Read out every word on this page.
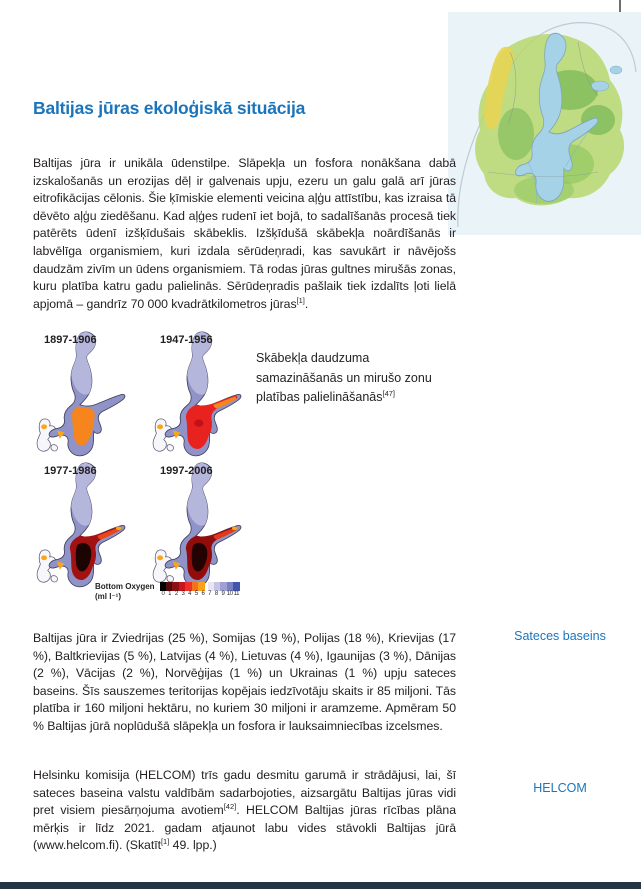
Baltijas jūras ekoloģiskā situācija

Baltijas jūra ir unikāla ūdenstilpe. Slāpekļa un fosfora nonākšana dabā izskalošanās un erozijas dēļ ir galvenais upju, ezeru un galu galā arī jūras eitrofikācijas cēlonis. Šie ķīmiskie elementi veicina aļģu attīstību, kas izraisa tā dēvēto aļģu ziedēšanu. Kad aļģes rudenī iet bojā, to sadalīšanās procesā tiek patērēts ūdenī izšķīdušais skābeklis. Izšķīdušā skābekļa noārdīšanās ir labvēlīga organismiem, kuri izdala sērūdeņradi, kas savukārt ir nāvējošs daudzām zivīm un ūdens organismiem. Tā rodas jūras gultnes mirušās zonas, kuru platība katru gadu palielinās. Sērūdeņradis pašlaik tiek izdalīts ļoti lielā apjomā – gandrīz 70 000 kvadrātkilometros jūras[1].

1897-1906	1947-1956
1977-1986	1997-2006
Skābekļa daudzuma
samazināšanās un mirušo zonu
platības palielināšanās[47]
Bottom Oxygen
(ml l⁻¹)	0 1 2 3 4 5 6 7 8 9 10 11

Baltijas jūra ir Zviedrijas (25 %), Somijas (19 %), Polijas (18 %), Krievijas (17 %), Baltkrievijas (5 %), Latvijas (4 %), Lietuvas (4 %), Igaunijas (3 %), Dānijas (2 %), Vācijas (2 %), Norvēģijas (1 %) un Ukrainas (1 %) upju sateces baseins. Šīs sauszemes teritorijas kopējais iedzīvotāju skaits ir 85 miljoni. Tās platība ir 160 miljoni hektāru, no kuriem 30 miljoni ir aramzeme. Apmēram 50 % Baltijas jūrā noplūdušā slāpekļa un fosfora ir lauksaimniecības izcelsmes.

Sateces baseins

Helsinku komisija (HELCOM) trīs gadu desmitu garumā ir strādājusi, lai, šī sateces baseina valstu valdībām sadarbojoties, aizsargātu Baltijas jūras vidi pret visiem piesārņojuma avotiem[42]. HELCOM Baltijas jūras rīcības plāna mērķis ir līdz 2021. gadam atjaunot labu vides stāvokli Baltijas jūrā (www.helcom.fi). (Skatīt[1] 49. lpp.)

HELCOM
